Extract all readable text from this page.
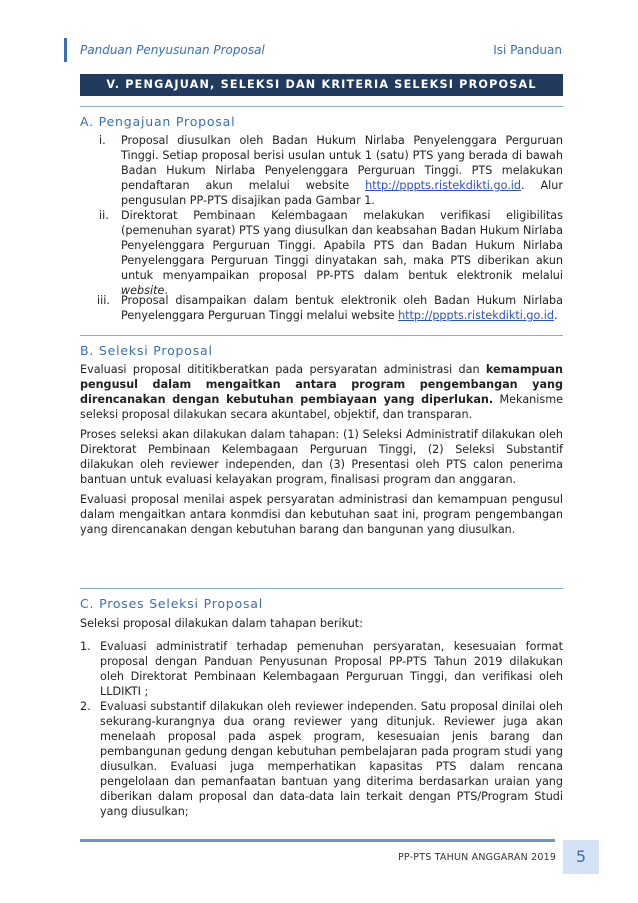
Panduan Penyusunan Proposal	Isi Panduan
V. PENGAJUAN, SELEKSI DAN KRITERIA SELEKSI PROPOSAL
A. Pengajuan Proposal
i. Proposal diusulkan oleh Badan Hukum Nirlaba Penyelenggara Perguruan Tinggi. Setiap proposal berisi usulan untuk 1 (satu) PTS yang berada di bawah Badan Hukum Nirlaba Penyelenggara Perguruan Tinggi. PTS melakukan pendaftaran akun melalui website http://pppts.ristekdikti.go.id. Alur pengusulan PP-PTS disajikan pada Gambar 1.
ii. Direktorat Pembinaan Kelembagaan melakukan verifikasi eligibilitas (pemenuhan syarat) PTS yang diusulkan dan keabsahan Badan Hukum Nirlaba Penyelenggara Perguruan Tinggi. Apabila PTS dan Badan Hukum Nirlaba Penyelenggara Perguruan Tinggi dinyatakan sah, maka PTS diberikan akun untuk menyampaikan proposal PP-PTS dalam bentuk elektronik melalui website.
iii. Proposal disampaikan dalam bentuk elektronik oleh Badan Hukum Nirlaba Penyelenggara Perguruan Tinggi melalui website http://pppts.ristekdikti.go.id.
B. Seleksi Proposal
Evaluasi proposal dititikberatkan pada persyaratan administrasi dan kemampuan pengusul dalam mengaitkan antara program pengembangan yang direncanakan dengan kebutuhan pembiayaan yang diperlukan. Mekanisme seleksi proposal dilakukan secara akuntabel, objektif, dan transparan.
Proses seleksi akan dilakukan dalam tahapan: (1) Seleksi Administratif dilakukan oleh Direktorat Pembinaan Kelembagaan Perguruan Tinggi, (2) Seleksi Substantif dilakukan oleh reviewer independen, dan (3) Presentasi oleh PTS calon penerima bantuan untuk evaluasi kelayakan program, finalisasi program dan anggaran.
Evaluasi proposal menilai aspek persyaratan administrasi dan kemampuan pengusul dalam mengaitkan antara konmdisi dan kebutuhan saat ini, program pengembangan yang direncanakan dengan kebutuhan barang dan bangunan yang diusulkan.
C. Proses Seleksi Proposal
Seleksi proposal dilakukan dalam tahapan berikut:
1. Evaluasi administratif terhadap pemenuhan persyaratan, kesesuaian format proposal dengan Panduan Penyusunan Proposal PP-PTS Tahun 2019 dilakukan oleh Direktorat Pembinaan Kelembagaan Perguruan Tinggi, dan verifikasi oleh LLDIKTI ;
2. Evaluasi substantif dilakukan oleh reviewer independen. Satu proposal dinilai oleh sekurang-kurangnya dua orang reviewer yang ditunjuk. Reviewer juga akan menelaah proposal pada aspek program, kesesuaian jenis barang dan pembangunan gedung dengan kebutuhan pembelajaran pada program studi yang diusulkan. Evaluasi juga memperhatikan kapasitas PTS dalam rencana pengelolaan dan pemanfaatan bantuan yang diterima berdasarkan uraian yang diberikan dalam proposal dan data-data lain terkait dengan PTS/Program Studi yang diusulkan;
PP-PTS TAHUN ANGGARAN 2019	5
